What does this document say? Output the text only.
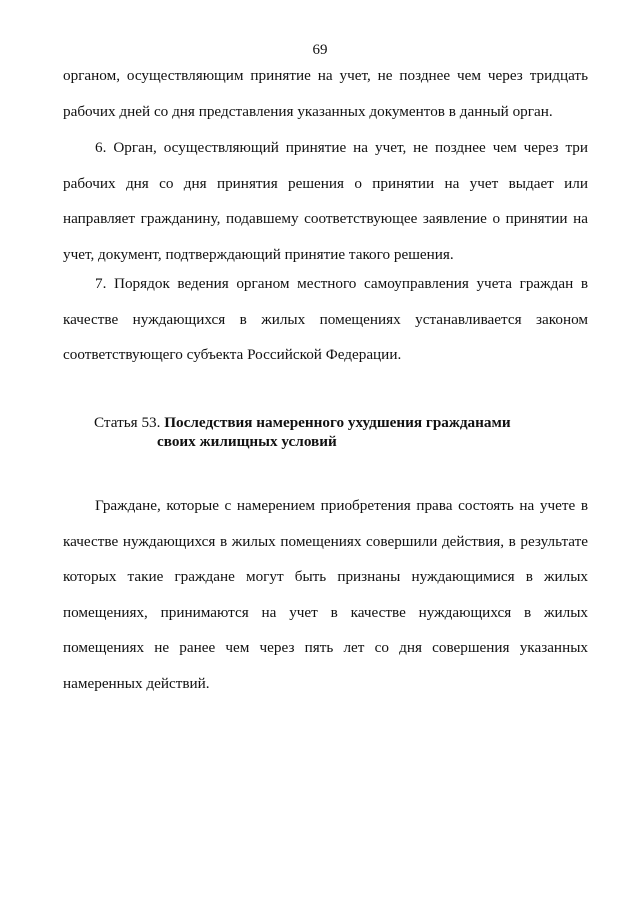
69

органом, осуществляющим принятие на учет, не позднее чем через тридцать рабочих дней со дня представления указанных документов в данный орган.

6. Орган, осуществляющий принятие на учет, не позднее чем через три рабочих дня со дня принятия решения о принятии на учет выдает или направляет гражданину, подавшему соответствующее заявление о принятии на учет, документ, подтверждающий принятие такого решения.

7. Порядок ведения органом местного самоуправления учета граждан в качестве нуждающихся в жилых помещениях устанавливается законом соответствующего субъекта Российской Федерации.

Статья 53. Последствия намеренного ухудшения гражданами
своих жилищных условий

Граждане, которые с намерением приобретения права состоять на учете в качестве нуждающихся в жилых помещениях совершили действия, в результате которых такие граждане могут быть признаны нуждающимися в жилых помещениях, принимаются на учет в качестве нуждающихся в жилых помещениях не ранее чем через пять лет со дня совершения указанных намеренных действий.
